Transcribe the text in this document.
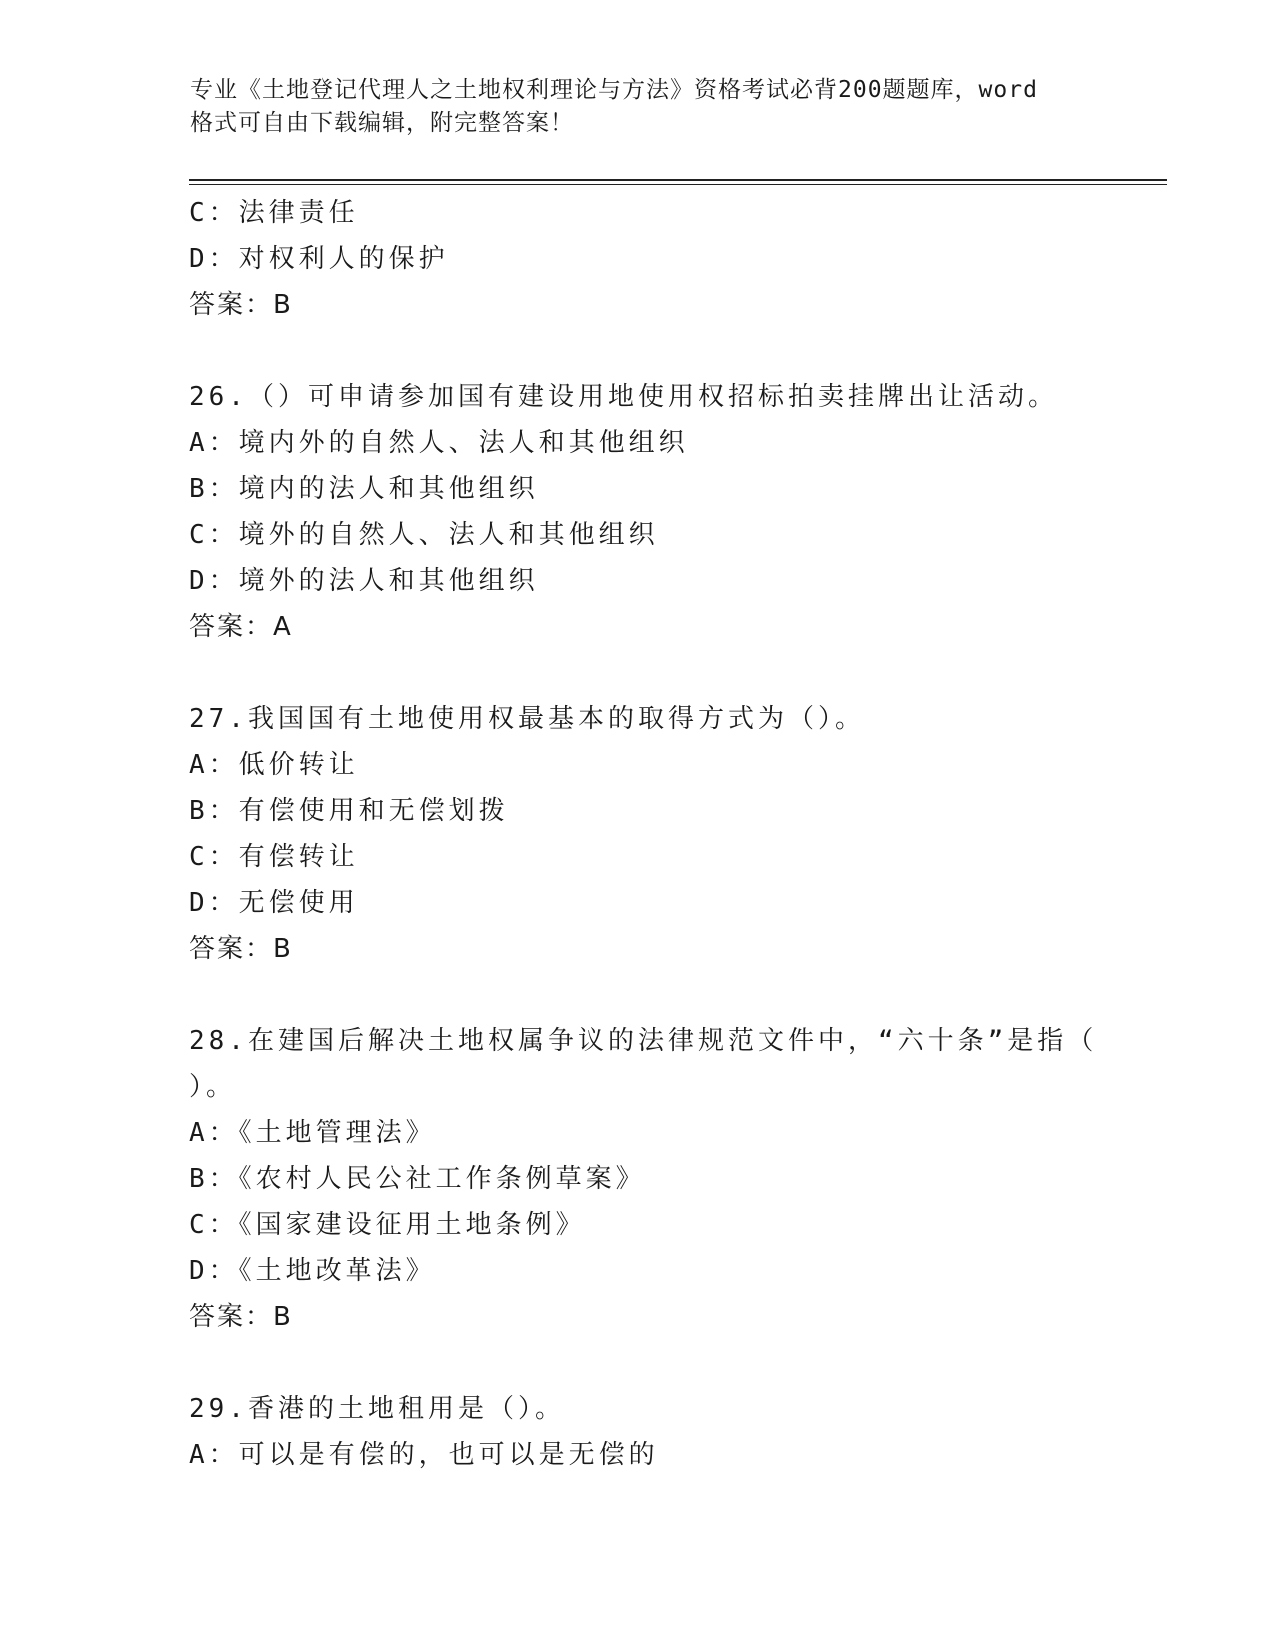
专业《土地登记代理人之土地权利理论与方法》资格考试必背200题题库，word
格式可自由下载编辑，附完整答案！
C：法律责任
D：对权利人的保护
答案：B
26.（）可申请参加国有建设用地使用权招标拍卖挂牌出让活动。
A：境内外的自然人、法人和其他组织
B：境内的法人和其他组织
C：境外的自然人、法人和其他组织
D：境外的法人和其他组织
答案：A
27.我国国有土地使用权最基本的取得方式为（）。
A：低价转让
B：有偿使用和无偿划拨
C：有偿转让
D：无偿使用
答案：B
28.在建国后解决土地权属争议的法律规范文件中，“六十条”是指（
）。
A：《土地管理法》
B：《农村人民公社工作条例草案》
C：《国家建设征用土地条例》
D：《土地改革法》
答案：B
29.香港的土地租用是（）。
A：可以是有偿的，也可以是无偿的
